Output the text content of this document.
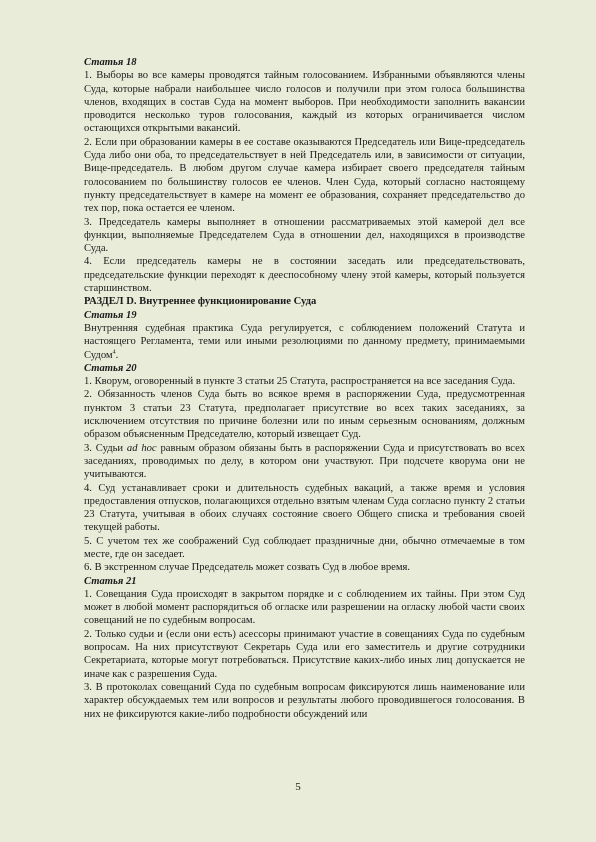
Статья 18

1. Выборы во все камеры проводятся тайным голосованием. Избранными объявляются члены Суда, которые набрали наибольшее число голосов и получили при этом голоса большинства членов, входящих в состав Суда на момент выборов. При необходимости заполнить вакансии проводится несколько туров голосования, каждый из которых ограничивается числом остающихся открытыми вакансий.

2. Если при образовании камеры в ее составе оказываются Председатель или Вице-председатель Суда либо они оба, то председательствует в ней Председатель или, в зависимости от ситуации, Вице-председатель. В любом другом случае камера избирает своего председателя тайным голосованием по большинству голосов ее членов. Член Суда, который согласно настоящему пункту председательствует в камере на момент ее образования, сохраняет председательство до тех пор, пока остается ее членом.

3. Председатель камеры выполняет в отношении рассматриваемых этой камерой дел все функции, выполняемые Председателем Суда в отношении дел, находящихся в производстве Суда.

4. Если председатель камеры не в состоянии заседать или председательствовать, председательские функции переходят к дееспособному члену этой камеры, который пользуется старшинством.

РАЗДЕЛ D. Внутреннее функционирование Суда

Статья 19

Внутренняя судебная практика Суда регулируется, с соблюдением положений Статута и настоящего Регламента, теми или иными резолюциями по данному предмету, принимаемыми Судом$^4$.

Статья 20

1. Кворум, оговоренный в пункте 3 статьи 25 Статута, распространяется на все заседания Суда.

2. Обязанность членов Суда быть во всякое время в распоряжении Суда, предусмотренная пунктом 3 статьи 23 Статута, предполагает присутствие во всех таких заседаниях, за исключением отсутствия по причине болезни или по иным серьезным основаниям, должным образом объясненным Председателю, который извещает Суд.

3. Судьи ad hoc равным образом обязаны быть в распоряжении Суда и присутствовать во всех заседаниях, проводимых по делу, в котором они участвуют. При подсчете кворума они не учитываются.

4. Суд устанавливает сроки и длительность судебных вакаций, а также время и условия предоставления отпусков, полагающихся отдельно взятым членам Суда согласно пункту 2 статьи 23 Статута, учитывая в обоих случаях состояние своего Общего списка и требования своей текущей работы.

5. С учетом тех же соображений Суд соблюдает праздничные дни, обычно отмечаемые в том месте, где он заседает.

6. В экстренном случае Председатель может созвать Суд в любое время.

Статья 21

1. Совещания Суда происходят в закрытом порядке и с соблюдением их тайны. При этом Суд может в любой момент распорядиться об огласке или разрешении на огласку любой части своих совещаний не по судебным вопросам.

2. Только судьи и (если они есть) асессоры принимают участие в совещаниях Суда по судебным вопросам. На них присутствуют Секретарь Суда или его заместитель и другие сотрудники Секретариата, которые могут потребоваться. Присутствие каких-либо иных лиц допускается не иначе как с разрешения Суда.

3. В протоколах совещаний Суда по судебным вопросам фиксируются лишь наименование или характер обсуждаемых тем или вопросов и результаты любого проводившегося голосования. В них не фиксируются какие-либо подробности обсуждений или

5
